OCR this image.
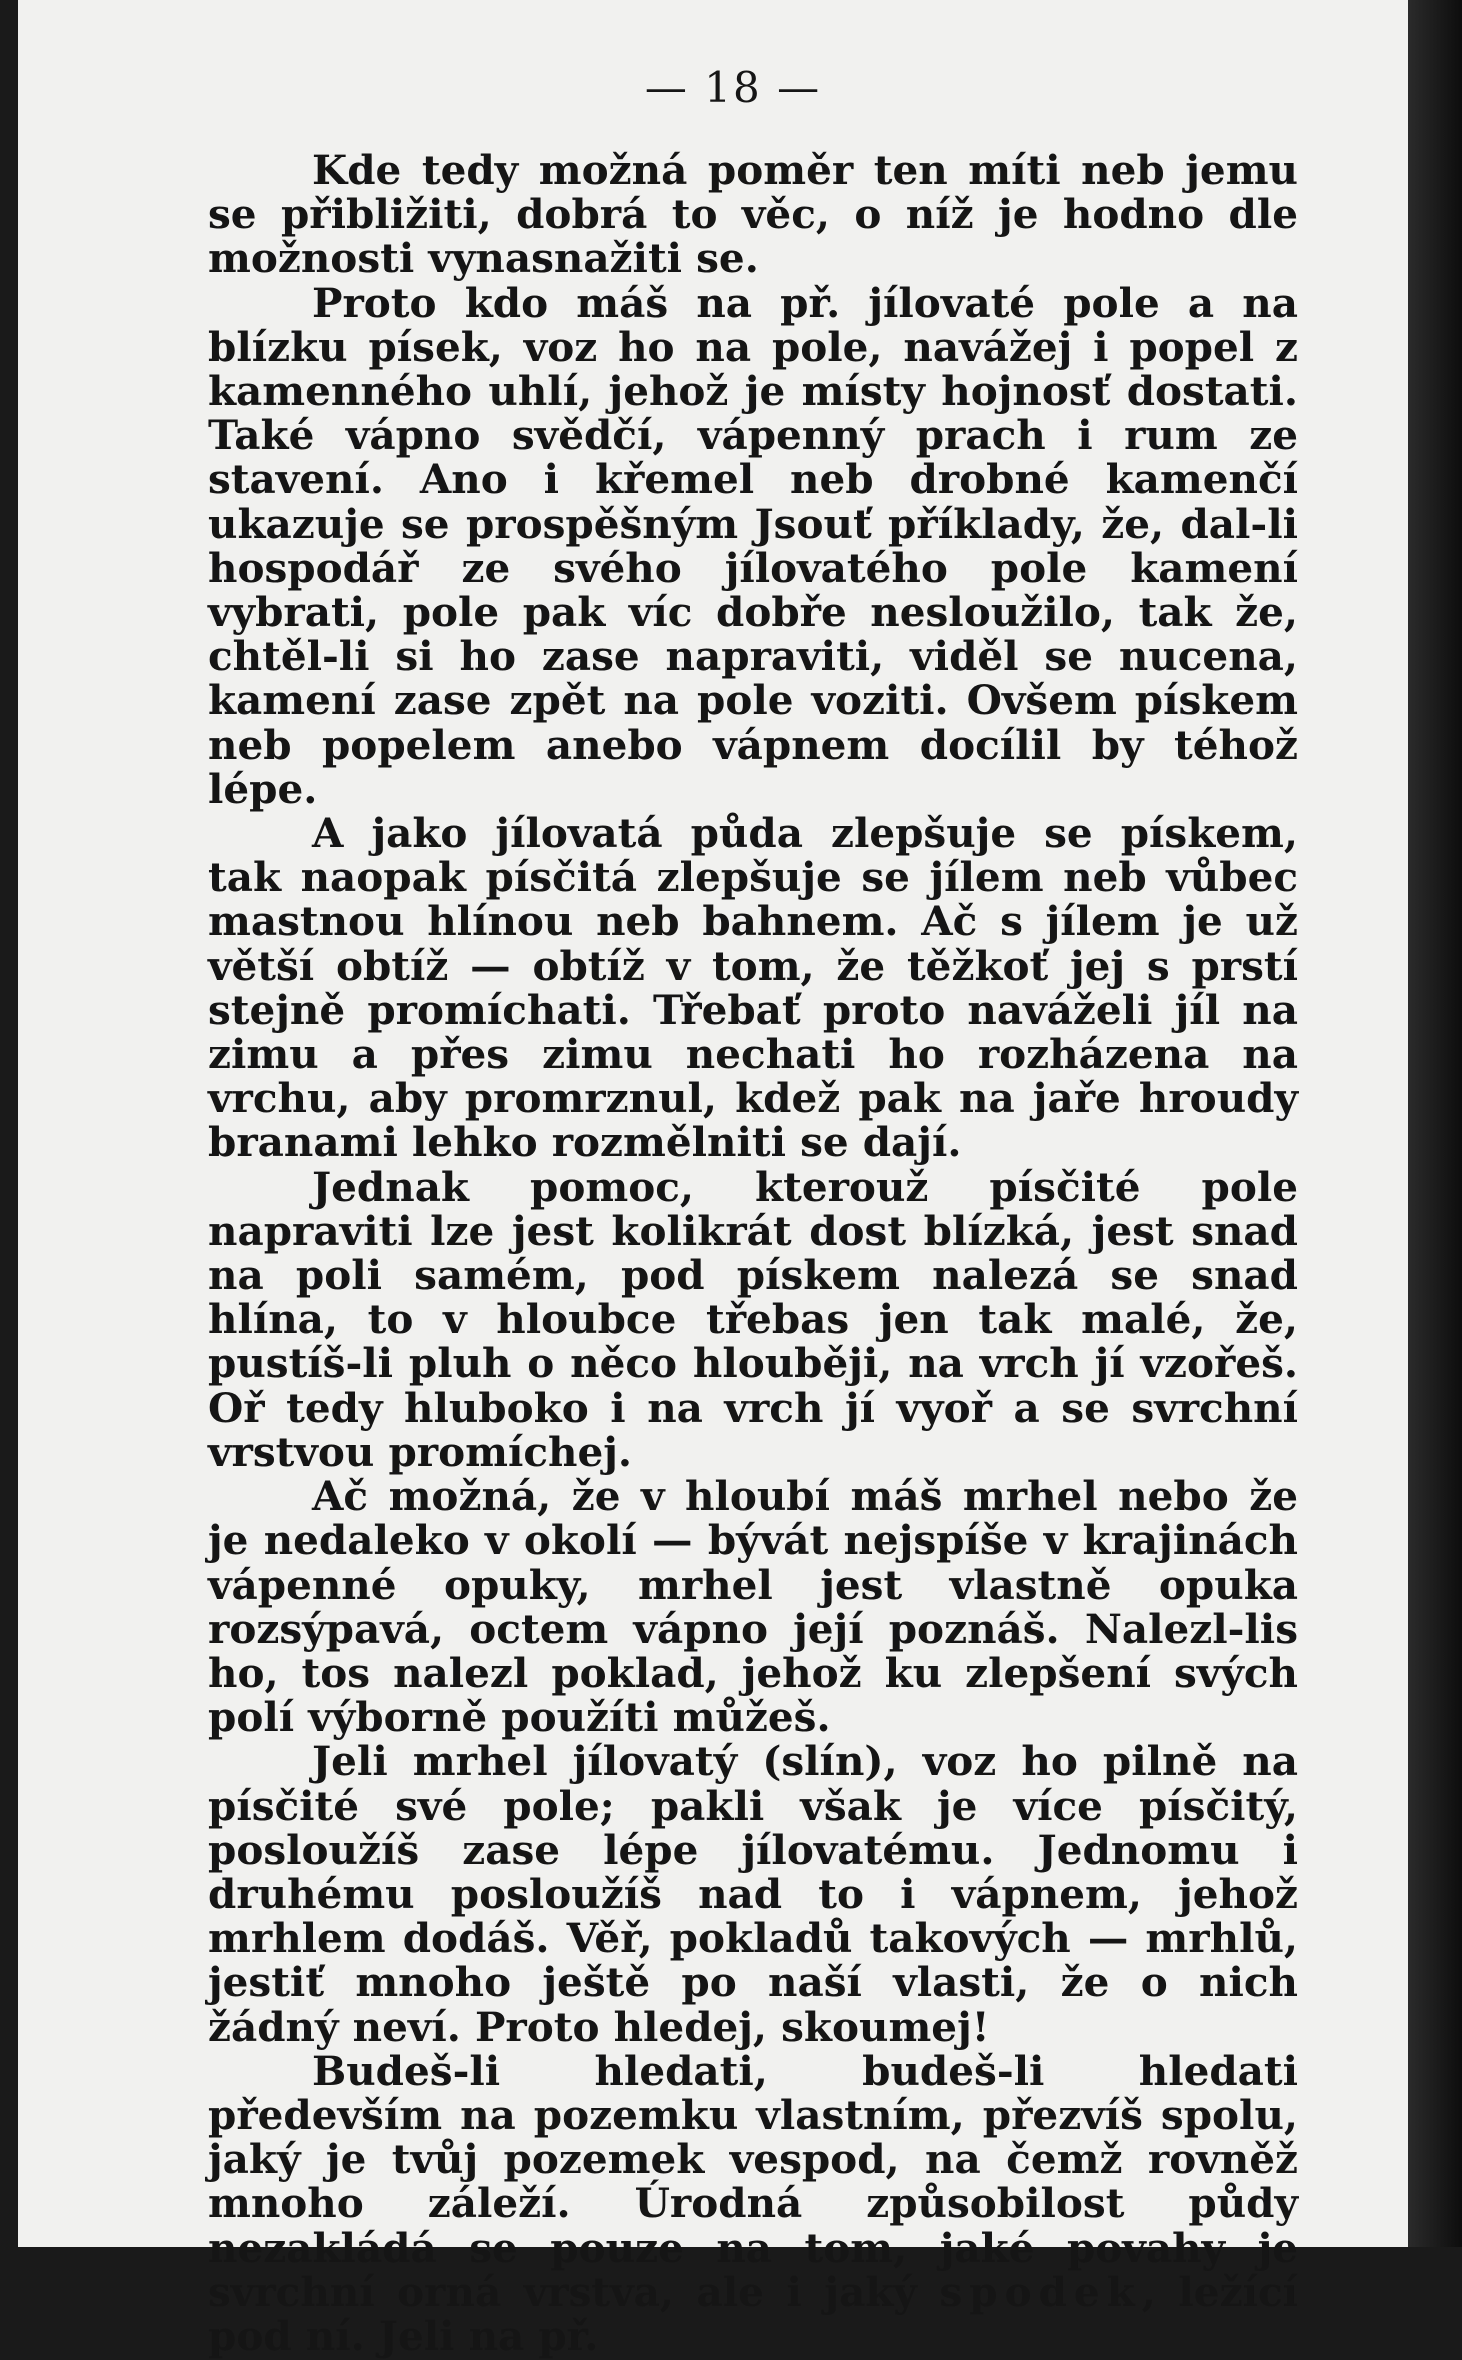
— 18 —

Kde tedy možná poměr ten míti neb jemu se přibližiti, dobrá to věc, o níž je hodno dle možnosti vynasnažiti se.

Proto kdo máš na př. jílovaté pole a na blízku písek, voz ho na pole, navážej i popel z kamenného uhlí, jehož je místy hojnosť dostati. Také vápno svědčí, vápenný prach i rum ze stavení. Ano i křemel neb drobné kamenčí ukazuje se prospěšným Jsouť příklady, že, dal-li hospodář ze svého jílovatého pole kamení vybrati, pole pak víc dobře nesloužilo, tak že, chtěl-li si ho zase napraviti, viděl se nucena, kamení zase zpět na pole voziti. Ovšem pískem neb popelem anebo vápnem docílil by téhož lépe.

A jako jílovatá půda zlepšuje se pískem, tak naopak písčitá zlepšuje se jílem neb vůbec mastnou hlínou neb bahnem. Ač s jílem je už větší obtíž — obtíž v tom, že těžkoť jej s prstí stejně promíchati. Třebať proto naváželi jíl na zimu a přes zimu nechati ho rozházena na vrchu, aby promrznul, kdež pak na jaře hroudy branami lehko rozmělniti se dají.

Jednak pomoc, kterouž písčité pole napraviti lze jest kolikrát dost blízká, jest snad na poli samém, pod pískem nalezá se snad hlína, to v hloubce třebas jen tak malé, že, pustíš-li pluh o něco hlouběji, na vrch jí vzořeš. Oř tedy hluboko i na vrch jí vyoř a se svrchní vrstvou promíchej.

Ač možná, že v hloubí máš mrhel nebo že je nedaleko v okolí — bývát nejspíše v krajinách vápenné opuky, mrhel jest vlastně opuka rozsýpavá, octem vápno její poznáš. Nalezl-lis ho, tos nalezl poklad, jehož ku zlepšení svých polí výborně použíti můžeš.

Jeli mrhel jílovatý (slín), voz ho pilně na písčité své pole; pakli však je více písčitý, posloužíš zase lépe jílovatému. Jednomu i druhému posloužíš nad to i vápnem, jehož mrhlem dodáš. Věř, pokladů takových — mrhlů, jestiť mnoho ještě po naší vlasti, že o nich žádný neví. Proto hledej, skoumej!

Budeš-li hledati, budeš-li hledati především na pozemku vlastním, přezvíš spolu, jaký je tvůj pozemek vespod, na čemž rovněž mnoho záleží. Úrodná způsobilost půdy nezakládá se pouze na tom, jaké povahy je svrchní orná vrstva, ale i jaký spodek, ležící pod ní. Jeli na př.
